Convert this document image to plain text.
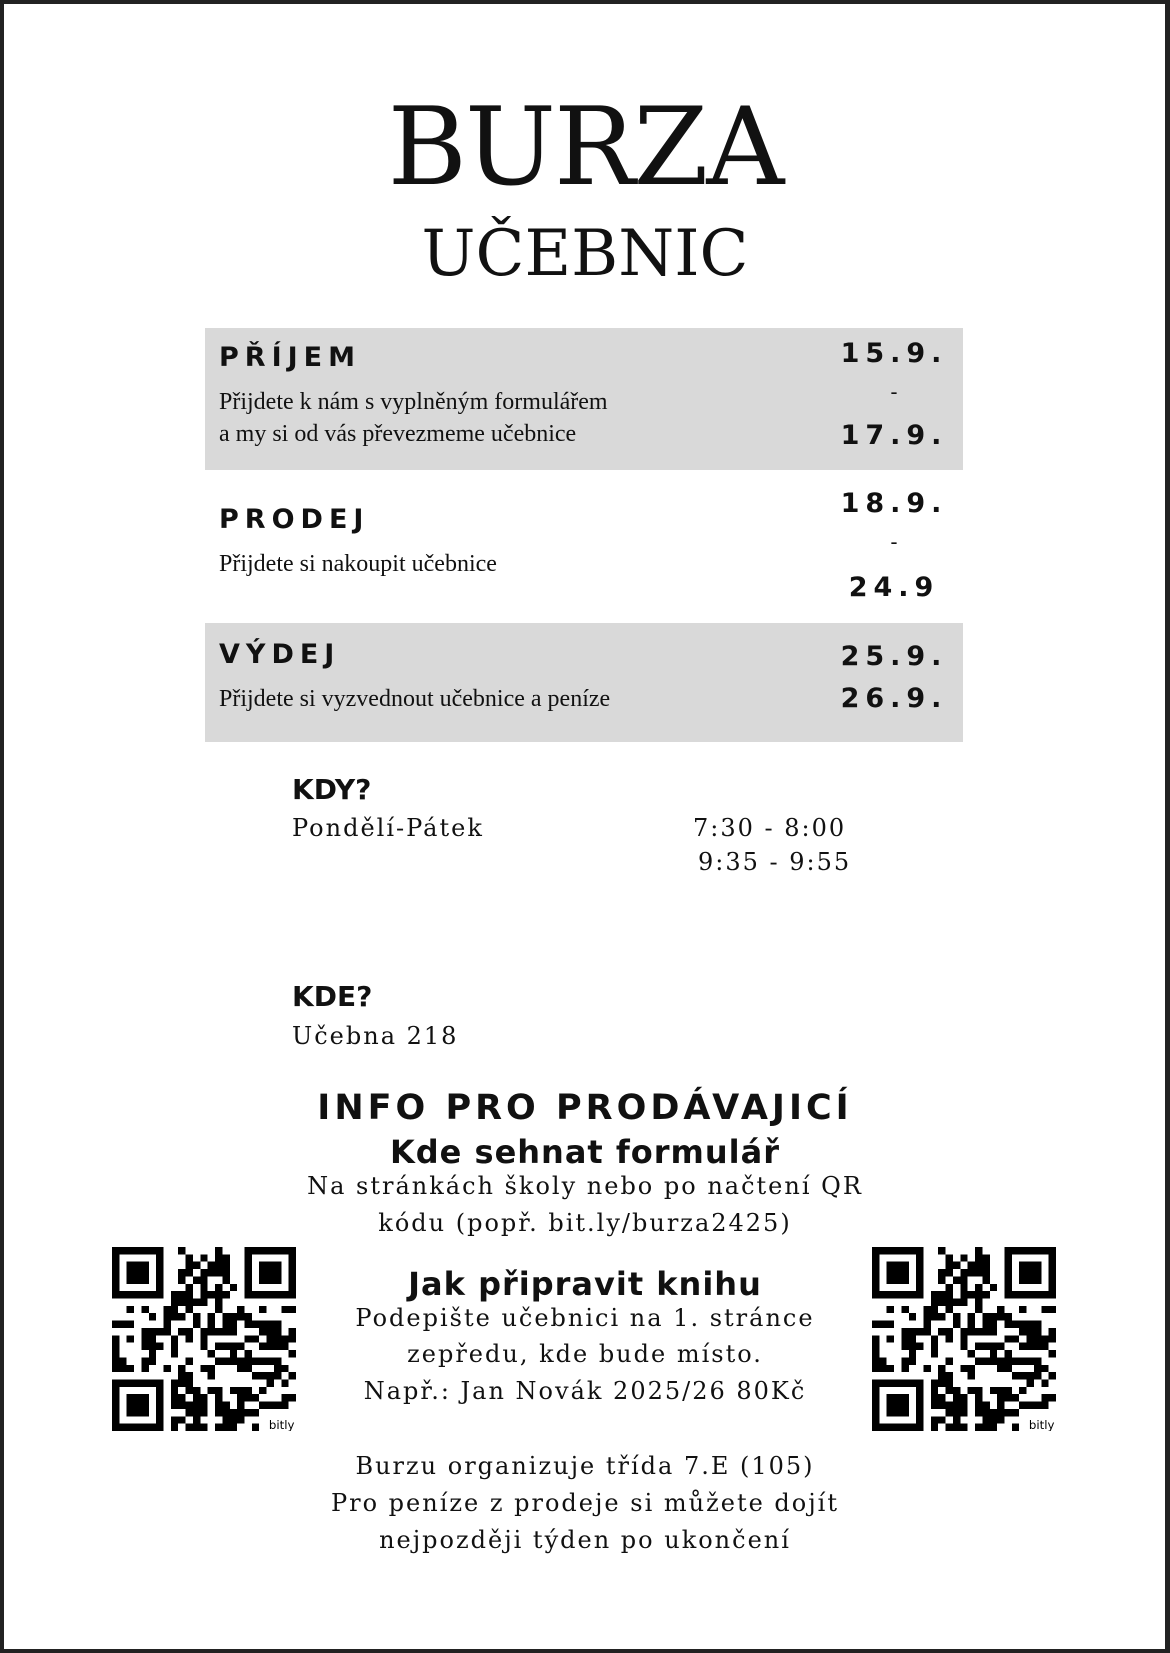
BURZA
UČEBNIC
PŘÍJEM
Přijdete k nám s vyplněným formulářem
a my si od vás převezmeme učebnice
15.9.
-
17.9.
PRODEJ
Přijdete si nakoupit učebnice
18.9.
-
24.9
VÝDEJ
Přijdete si vyzvednout učebnice a peníze
25.9.
26.9.
KDY?
Pondělí-Pátek	7:30 - 8:00
9:35 - 9:55
KDE?
Učebna 218
INFO PRO PRODÁVAJICÍ
Kde sehnat formulář
Na stránkách školy nebo po načtení QR
kódu (popř. bit.ly/burza2425)
Jak připravit knihu
Podepište učebnici na 1. stránce
zepředu, kde bude místo.
Např.: Jan Novák 2025/26 80Kč
Burzu organizuje třída 7.E (105)
Pro peníze z prodeje si můžete dojít
nejpozději týden po ukončení
bitly	bitly
